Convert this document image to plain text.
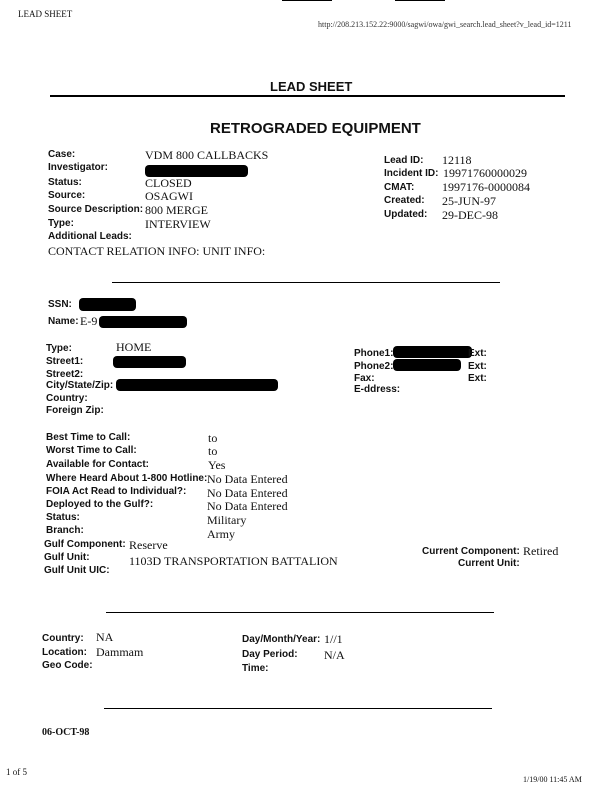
LEAD SHEET
http://208.213.152.22:9000/sagwi/owa/gwi_search.lead_sheet?v_lead_id=1211
LEAD SHEET
RETROGRADED EQUIPMENT
Case:	VDM 800 CALLBACKS
Investigator:
Status:	CLOSED
Source:	OSAGWI
Source Description: 800 MERGE
Type:	INTERVIEW
Additional Leads:
CONTACT RELATION INFO: UNIT INFO:
Lead ID: 12118
Incident ID: 19971760000029
CMAT: 1997176-0000084
Created: 25-JUN-97
Updated: 29-DEC-98
SSN:
Name: E-9
Type:	HOME
Street1:
Street2:
City/State/Zip:
Country:
Foreign Zip:
Phone1:	Ext:
Phone2:	Ext:
Fax:	Ext:
E-ddress:
Best Time to Call:	to
Worst Time to Call:	to
Available for Contact:	Yes
Where Heard About 1-800 Hotline: No Data Entered
FOIA Act Read to Individual?: No Data Entered
Deployed to the Gulf?:	No Data Entered
Status:	Military
Branch:	Army
Gulf Component: Reserve
Gulf Unit:	1103D TRANSPORTATION BATTALION
Gulf Unit UIC:
Current Component: Retired
Current Unit:
Country: NA
Location: Dammam
Geo Code:
Day/Month/Year: 1//1
Day Period: N/A
Time:
06-OCT-98
1 of 5
1/19/00 11:45 AM
